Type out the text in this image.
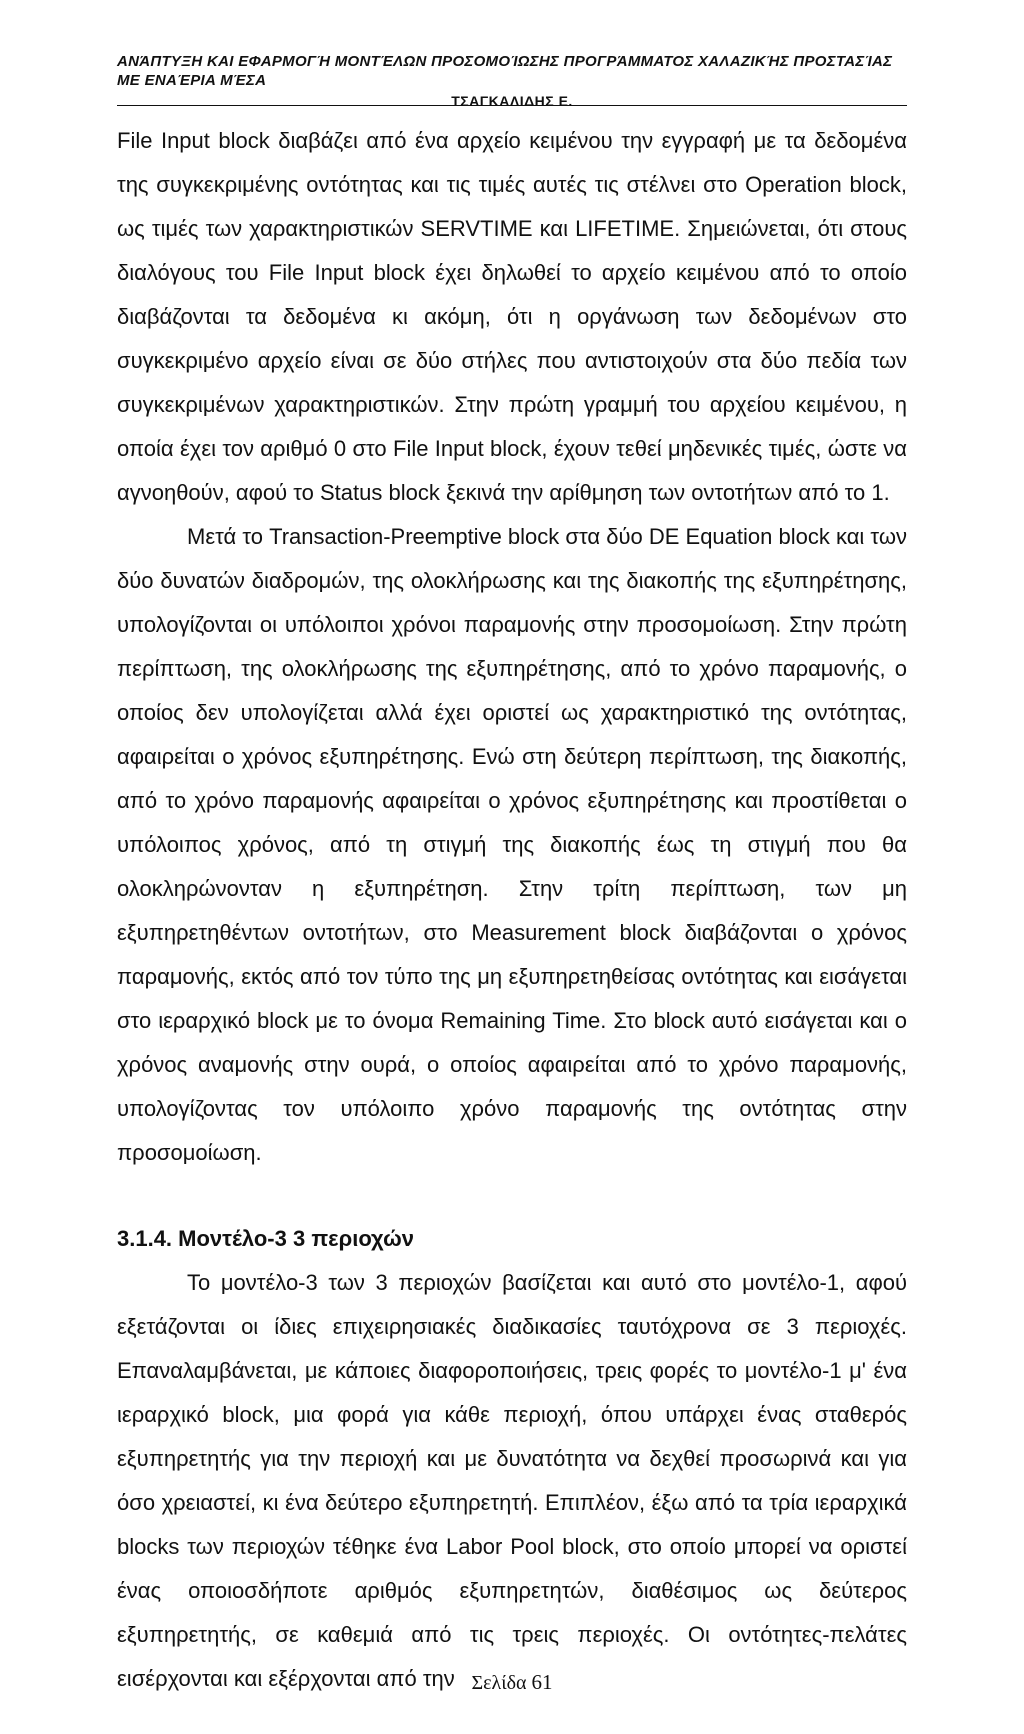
ΑΝΆΠΤΥΞΗ ΚΑΙ ΕΦΑΡΜΟΓΉ ΜΟΝΤΈΛΩΝ ΠΡΟΣΟΜΟΊΩΣΗΣ ΠΡΟΓΡΆΜΜΑΤΟΣ ΧΑΛΑΖΙΚΉΣ ΠΡΟΣΤΑΣΊΑΣ ΜΕ ΕΝΑΈΡΙΑ ΜΈΣΑ

ΤΣΑΓΚΑΛΙΔΗΣ Ε.

File Input block διαβάζει από ένα αρχείο κειμένου την εγγραφή με τα δεδομένα της συγκεκριμένης οντότητας και τις τιμές αυτές τις στέλνει στο Operation block, ως τιμές των χαρακτηριστικών SERVTIME και LIFETIME. Σημειώνεται, ότι στους διαλόγους του File Input block έχει δηλωθεί το αρχείο κειμένου από το οποίο διαβάζονται τα δεδομένα κι ακόμη, ότι η οργάνωση των δεδομένων στο συγκεκριμένο αρχείο είναι σε δύο στήλες που αντιστοιχούν στα δύο πεδία των συγκεκριμένων χαρακτηριστικών. Στην πρώτη γραμμή του αρχείου κειμένου, η οποία έχει τον αριθμό 0 στο File Input block, έχουν τεθεί μηδενικές τιμές, ώστε να αγνοηθούν, αφού το Status block ξεκινά την αρίθμηση των οντοτήτων από το 1.

Μετά το Transaction-Preemptive block στα δύο DE Equation block και των δύο δυνατών διαδρομών, της ολοκλήρωσης και της διακοπής της εξυπηρέτησης, υπολογίζονται οι υπόλοιποι χρόνοι παραμονής στην προσομοίωση. Στην πρώτη περίπτωση, της ολοκλήρωσης της εξυπηρέτησης, από το χρόνο παραμονής, ο οποίος δεν υπολογίζεται αλλά έχει οριστεί ως χαρακτηριστικό της οντότητας, αφαιρείται ο χρόνος εξυπηρέτησης. Ενώ στη δεύτερη περίπτωση, της διακοπής, από το χρόνο παραμονής αφαιρείται ο χρόνος εξυπηρέτησης και προστίθεται ο υπόλοιπος χρόνος, από τη στιγμή της διακοπής έως τη στιγμή που θα ολοκληρώνονταν η εξυπηρέτηση. Στην τρίτη περίπτωση, των μη εξυπηρετηθέντων οντοτήτων, στο Measurement block διαβάζονται ο χρόνος παραμονής, εκτός από τον τύπο της μη εξυπηρετηθείσας οντότητας και εισάγεται στο ιεραρχικό block με το όνομα Remaining Time. Στο block αυτό εισάγεται και ο χρόνος αναμονής στην ουρά, ο οποίος αφαιρείται από το χρόνο παραμονής, υπολογίζοντας τον υπόλοιπο χρόνο παραμονής της οντότητας στην προσομοίωση.

3.1.4. Μοντέλο-3 3 περιοχών

Το μοντέλο-3 των 3 περιοχών βασίζεται και αυτό στο μοντέλο-1, αφού εξετάζονται οι ίδιες επιχειρησιακές διαδικασίες ταυτόχρονα σε 3 περιοχές. Επαναλαμβάνεται, με κάποιες διαφοροποιήσεις, τρεις φορές το μοντέλο-1 μ' ένα ιεραρχικό block, μια φορά για κάθε περιοχή, όπου υπάρχει ένας σταθερός εξυπηρετητής για την περιοχή και με δυνατότητα να δεχθεί προσωρινά και για όσο χρειαστεί, κι ένα δεύτερο εξυπηρετητή. Επιπλέον, έξω από τα τρία ιεραρχικά blocks των περιοχών τέθηκε ένα Labor Pool block, στο οποίο μπορεί να οριστεί ένας οποιοσδήποτε αριθμός εξυπηρετητών, διαθέσιμος ως δεύτερος εξυπηρετητής, σε καθεμιά από τις τρεις περιοχές. Οι οντότητες-πελάτες εισέρχονται και εξέρχονται από την Σελίδα 61
